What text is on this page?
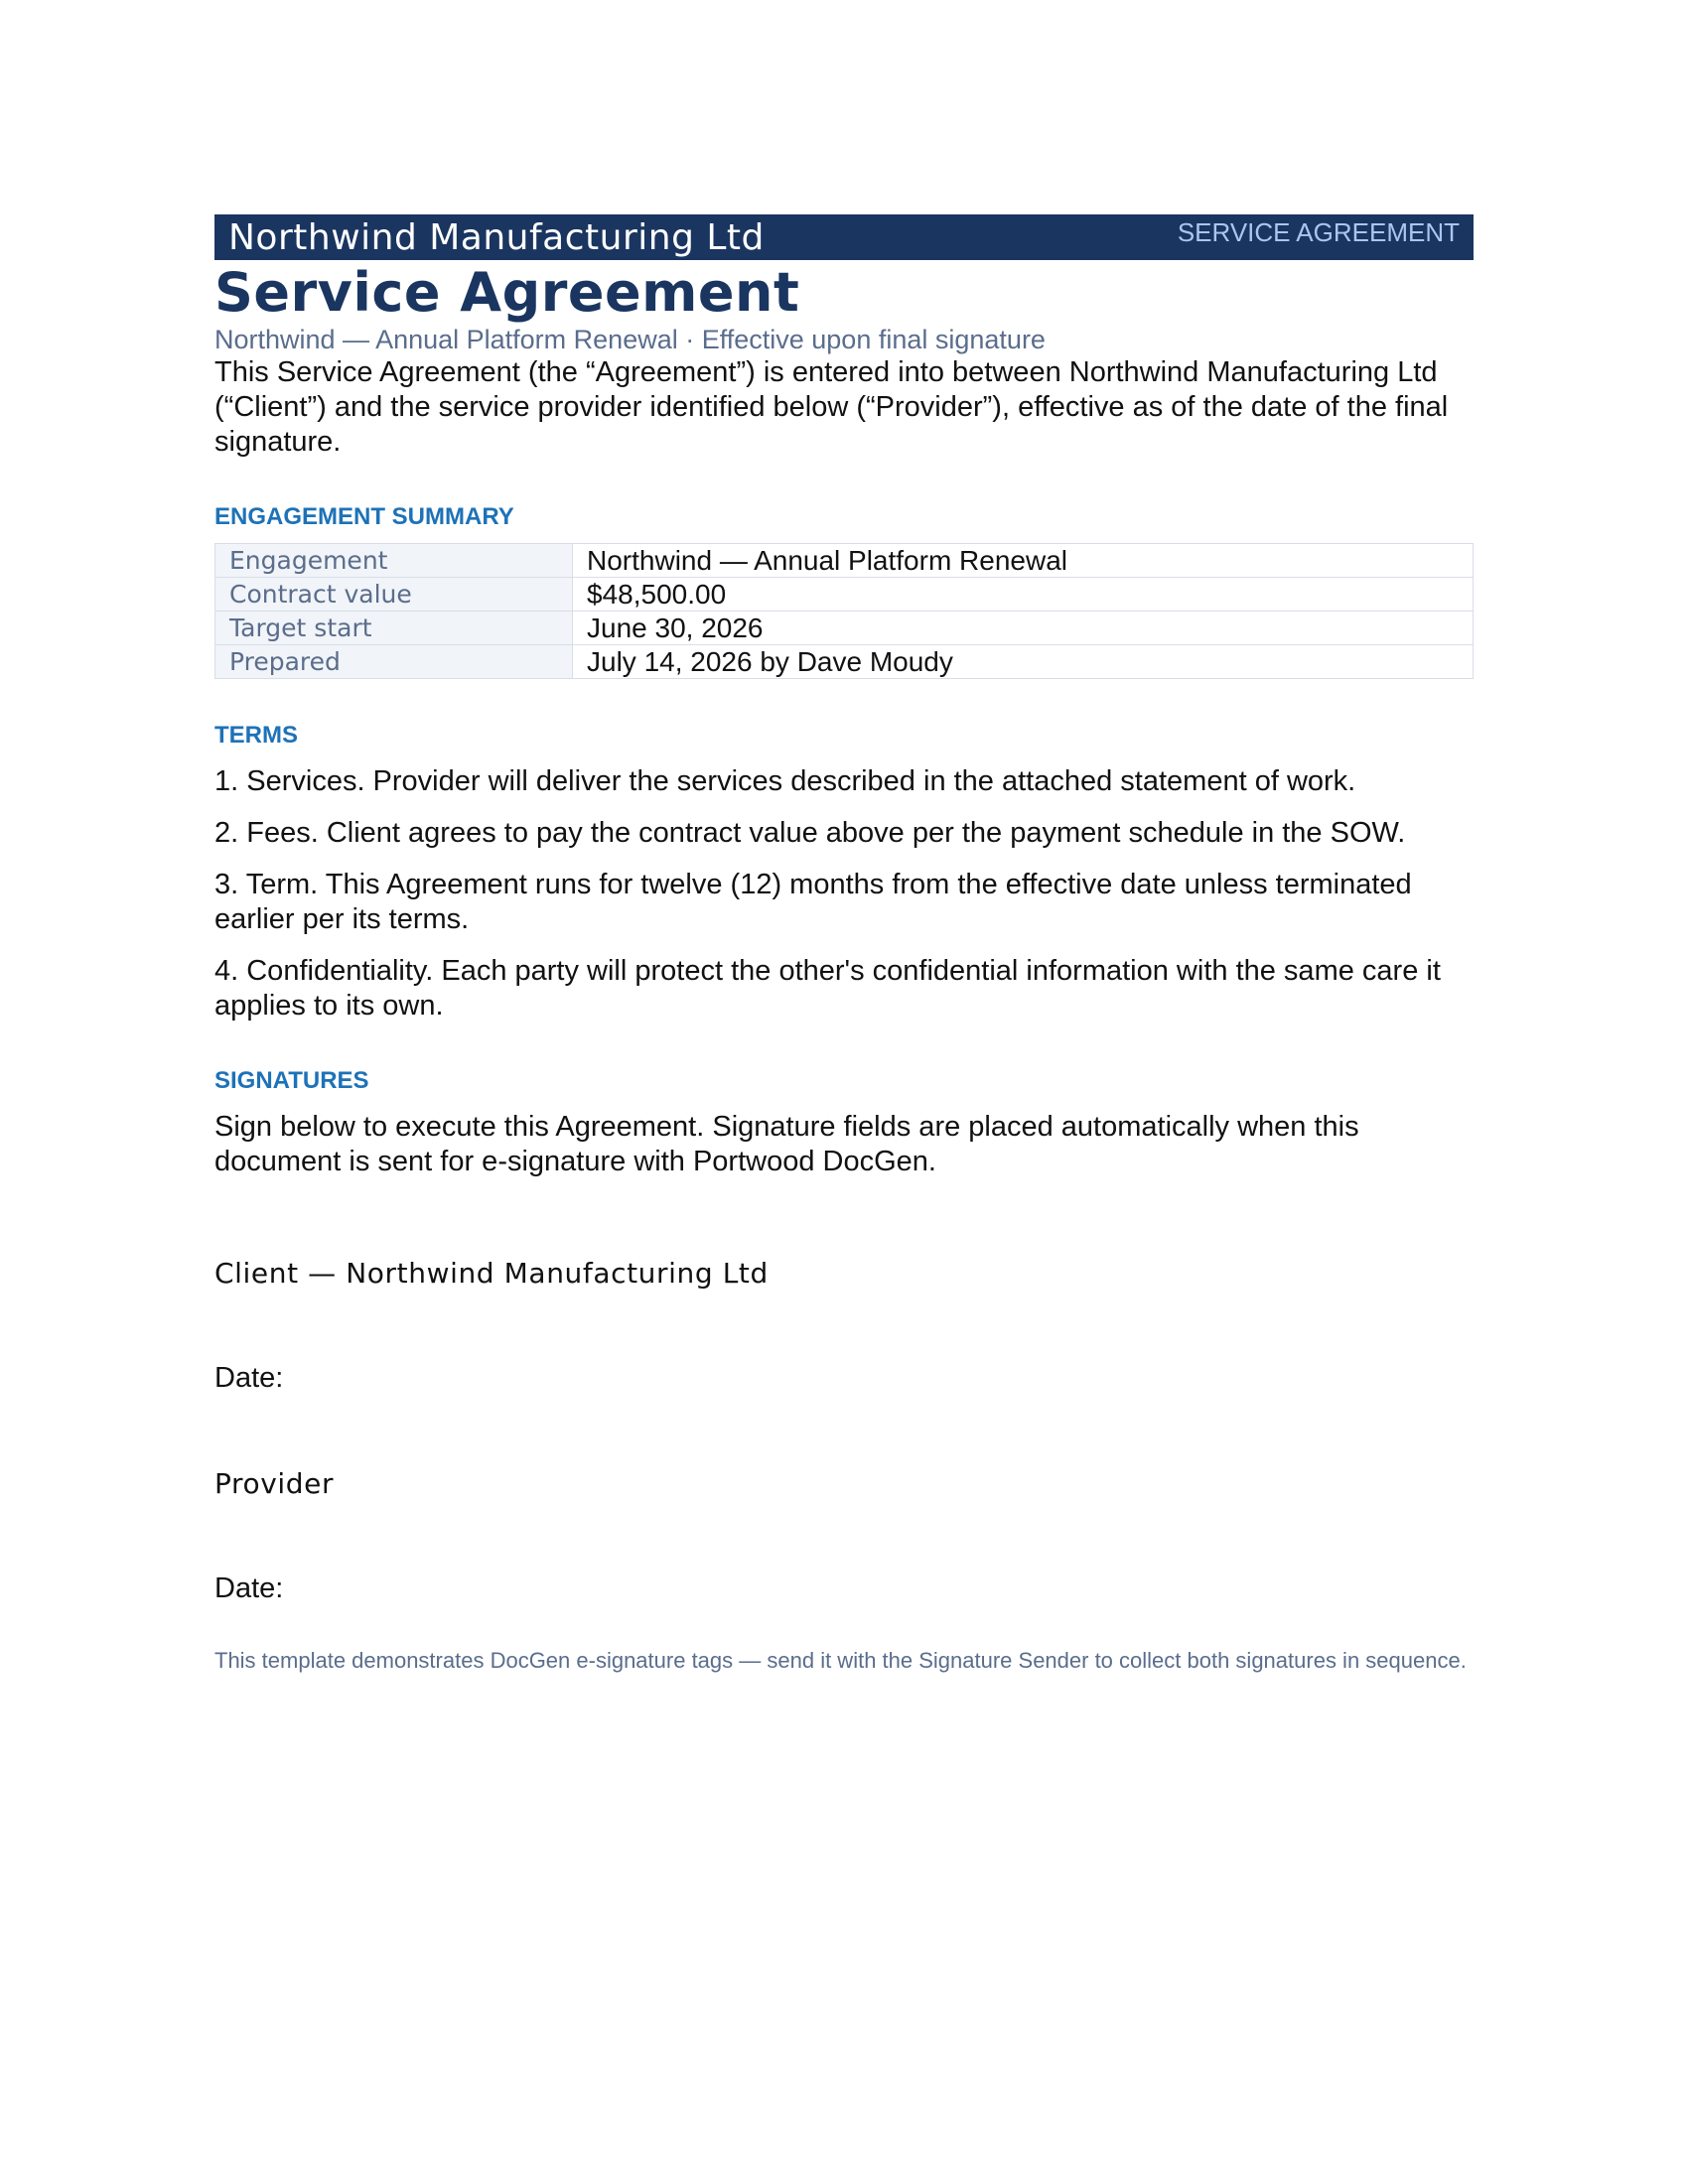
Northwind Manufacturing Ltd	SERVICE AGREEMENT
Service Agreement

Northwind — Annual Platform Renewal · Effective upon final signature

This Service Agreement (the “Agreement”) is entered into between Northwind Manufacturing Ltd (“Client”) and the service provider identified below (“Provider”), effective as of the date of the final signature.

ENGAGEMENT SUMMARY
Engagement	Northwind — Annual Platform Renewal
Contract value	$48,500.00
Target start	June 30, 2026
Prepared	July 14, 2026 by Dave Moudy
TERMS
1. Services. Provider will deliver the services described in the attached statement of work.
2. Fees. Client agrees to pay the contract value above per the payment schedule in the SOW.
3. Term. This Agreement runs for twelve (12) months from the effective date unless terminated earlier per its terms.
4. Confidentiality. Each party will protect the other's confidential information with the same care it applies to its own.
SIGNATURES

Sign below to execute this Agreement. Signature fields are placed automatically when this document is sent for e-signature with Portwood DocGen.

Client — Northwind Manufacturing Ltd

Date:

Provider

Date:

This template demonstrates DocGen e-signature tags — send it with the Signature Sender to collect both signatures in sequence.
